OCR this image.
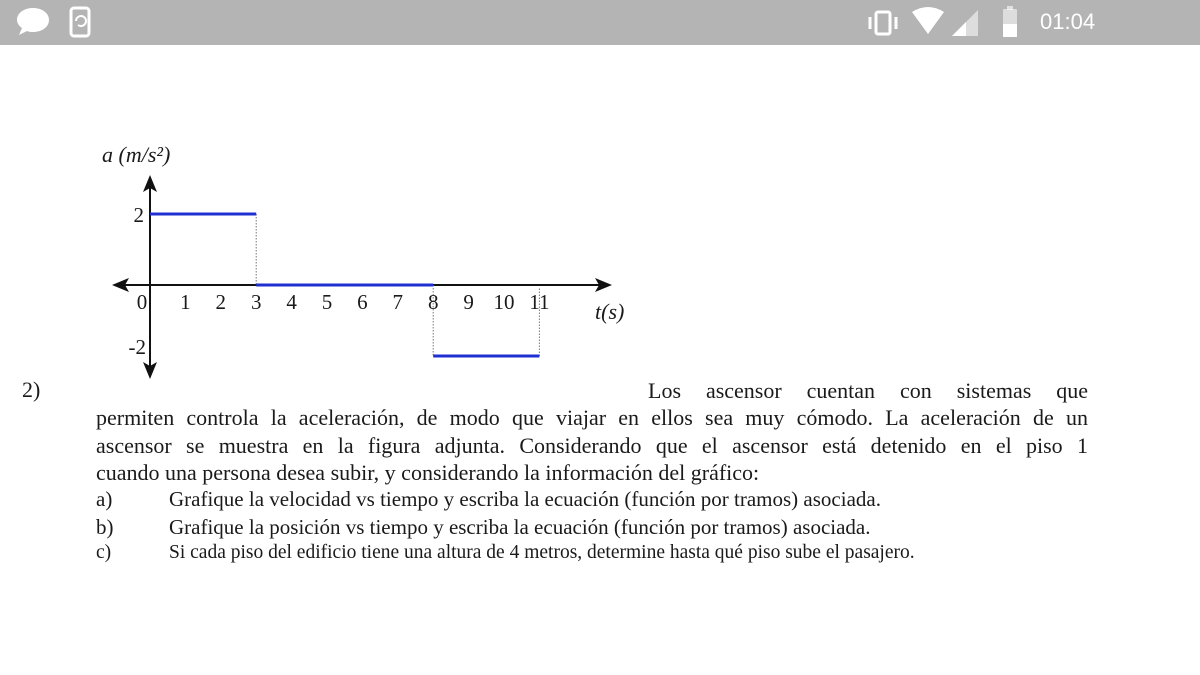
01:04
0 1 2 3 4 5 6 7 8 9 10 11
2
-2
a (m/s²)
t(s)
2)	Los ascensor cuentan con sistemas que
permiten controla la aceleración, de modo que viajar en ellos sea muy cómodo. La aceleración de un
ascensor se muestra en la figura adjunta. Considerando que el ascensor está detenido en el piso 1
cuando una persona desea subir, y considerando la información del gráfico:
a)	Grafique la velocidad vs tiempo y escriba la ecuación (función por tramos) asociada.
b)	Grafique la posición vs tiempo y escriba la ecuación (función por tramos) asociada.
c)	Si cada piso del edificio tiene una altura de 4 metros, determine hasta qué piso sube el pasajero.
